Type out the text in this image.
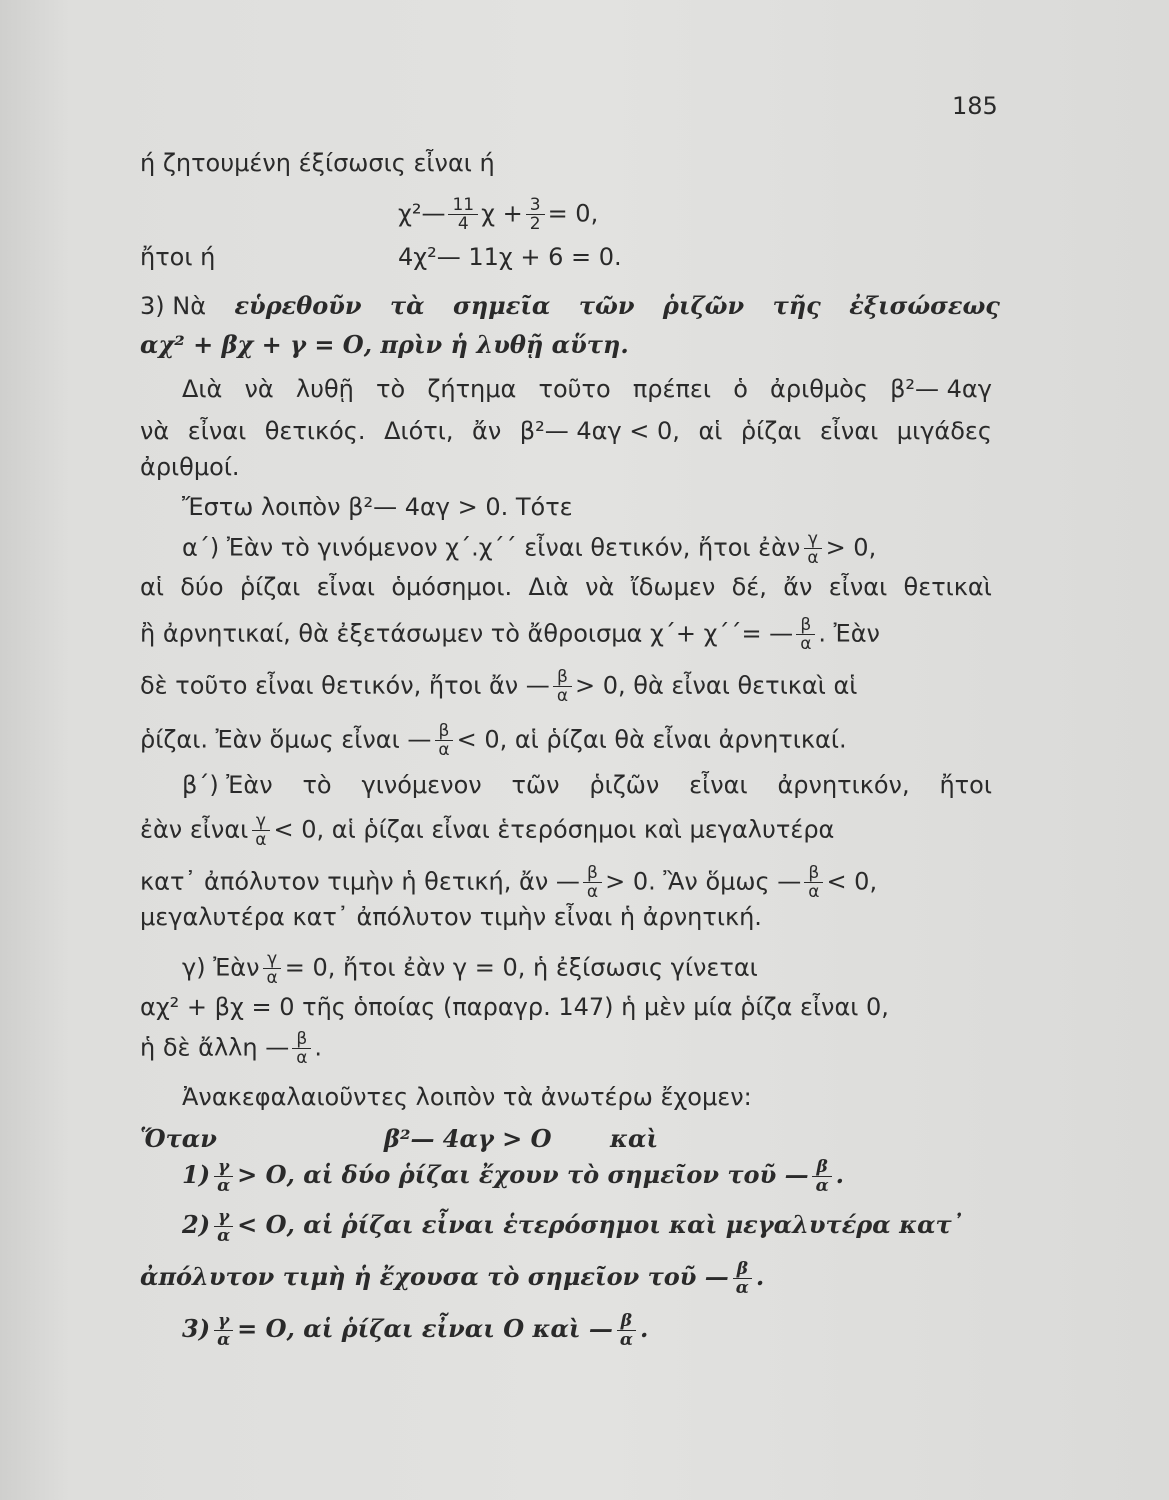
185
ή ζητουμένη έξίσωσις εἶναι ή
χ²— $\frac{11}{4}$ $\chi + \frac{3}{2} = 0$,
ἤτοι ή	4χ²— 11χ + 6 = 0.
3) Νὰ εὑρεθοῦν τὰ σημεῖα τῶν ῥιζῶν τῆς ἐξισώσεως
αχ² + βχ + γ = Ο, πρὶν ἡ λυθῇ αὕτη.
Διὰ νὰ λυθῇ τὸ ζήτημα τοῦτο πρέπει ὁ ἀριθμὸς β²— 4αγ
νὰ εἶναι θετικός. Διότι, ἄν β²— 4αγ < 0, αἱ ῥίζαι εἶναι μιγάδες
ἀριθμοί.
Ἔστω λοιπὸν β²— 4αγ > 0. Τότε
α΄) Ἐὰν τὸ γινόμενον χ΄.χ΄΄ εἶναι θετικόν, ἤτοι ἐὰν $\frac{\gamma}{\alpha} > 0$,
αἱ δύο ῥίζαι εἶναι ὁμόσημοι. Διὰ νὰ ἴδωμεν δέ, ἄν εἶναι θετικαὶ
ἢ ἀρνητικαί, θὰ ἐξετάσωμεν τὸ ἄθροισμα χ΄+ χ΄΄= — $\frac{\beta}{\alpha}$ . Ἐὰν
δὲ τοῦτο εἶναι θετικόν, ἤτοι ἄν — $\frac{\beta}{\alpha} > 0$, θὰ εἶναι θετικαὶ αἱ
ῥίζαι. Ἐὰν ὅμως εἶναι — $\frac{\beta}{\alpha} < 0$, αἱ ῥίζαι θὰ εἶναι ἀρνητικαί.
β΄) Ἐὰν τὸ γινόμενον τῶν ῥιζῶν εἶναι ἀρνητικόν, ἤτοι
ἐὰν εἶναι $\frac{\gamma}{\alpha} < 0$, αἱ ῥίζαι εἶναι ἑτερόσημοι καὶ μεγαλυτέρα
κατ᾽ ἀπόλυτον τιμὴν ἡ θετική, ἄν — $\frac{\beta}{\alpha} > 0$. Ἂν ὅμως — $\frac{\beta}{\alpha} < 0$,
μεγαλυτέρα κατ᾽ ἀπόλυτον τιμὴν εἶναι ἡ ἀρνητική.
γ) Ἐὰν $\frac{\gamma}{\alpha} = 0$, ἤτοι ἐὰν γ = 0, ἡ ἐξίσωσις γίνεται
αχ² + βχ = 0 τῆς ὁποίας (παραγρ. 147) ἡ μὲν μία ῥίζα εἶναι 0,
ἡ δὲ ἄλλη — $\frac{\beta}{\alpha}$ .
Ἀνακεφαλαιοῦντες λοιπὸν τὰ ἀνωτέρω ἔχομεν:
Ὅταν	β²— 4αγ > Ο καὶ
$1) \frac{\gamma}{\alpha} > O$, αἱ δύο ῥίζαι ἔχουν τὸ σημεῖον τοῦ — $\frac{\beta}{\alpha}$ .
$2) \frac{\gamma}{\alpha} < O$, αἱ ῥίζαι εἶναι ἑτερόσημοι καὶ μεγαλυτέρα κατ᾽
ἀπόλυτον τιμὴ ἡ ἔχουσα τὸ σημεῖον τοῦ — $\frac{\beta}{\alpha}$ .
$3) \frac{\gamma}{\alpha} = O$, αἱ ῥίζαι εἶναι Ο καὶ — $\frac{\beta}{\alpha}$ .
